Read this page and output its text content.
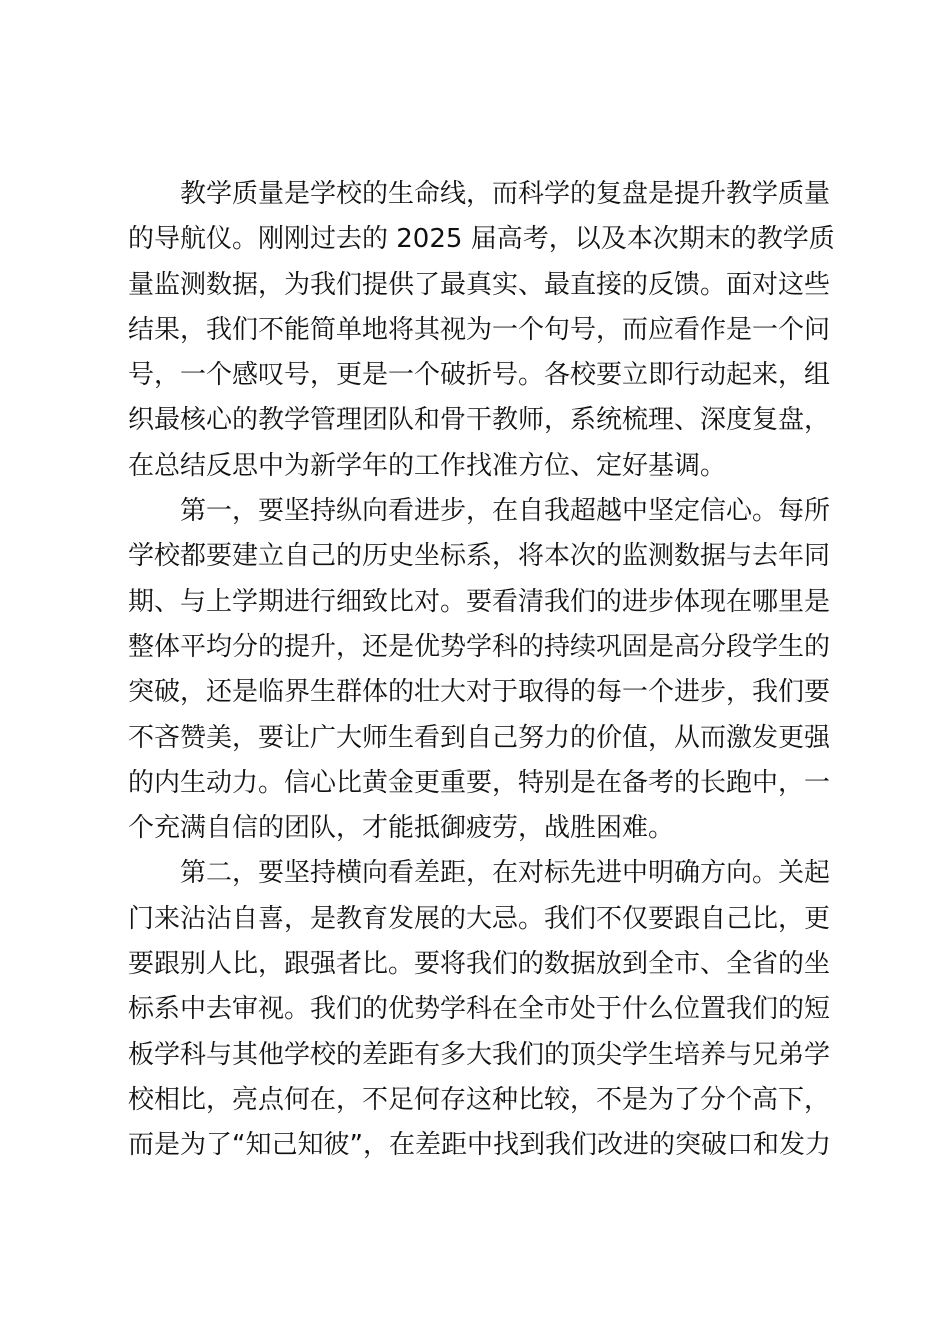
教学质量是学校的生命线，而科学的复盘是提升教学质量
的导航仪。刚刚过去的 2025 届高考，以及本次期末的教学质
量监测数据，为我们提供了最真实、最直接的反馈。面对这些
结果，我们不能简单地将其视为一个句号，而应看作是一个问
号，一个感叹号，更是一个破折号。各校要立即行动起来，组
织最核心的教学管理团队和骨干教师，系统梳理、深度复盘，
在总结反思中为新学年的工作找准方位、定好基调。
第一，要坚持纵向看进步，在自我超越中坚定信心。每所
学校都要建立自己的历史坐标系，将本次的监测数据与去年同
期、与上学期进行细致比对。要看清我们的进步体现在哪里是
整体平均分的提升，还是优势学科的持续巩固是高分段学生的
突破，还是临界生群体的壮大对于取得的每一个进步，我们要
不吝赞美，要让广大师生看到自己努力的价值，从而激发更强
的内生动力。信心比黄金更重要，特别是在备考的长跑中，一
个充满自信的团队，才能抵御疲劳，战胜困难。
第二，要坚持横向看差距，在对标先进中明确方向。关起
门来沾沾自喜，是教育发展的大忌。我们不仅要跟自己比，更
要跟别人比，跟强者比。要将我们的数据放到全市、全省的坐
标系中去审视。我们的优势学科在全市处于什么位置我们的短
板学科与其他学校的差距有多大我们的顶尖学生培养与兄弟学
校相比，亮点何在，不足何存这种比较，不是为了分个高下，
而是为了“知己知彼”，在差距中找到我们改进的突破口和发力
